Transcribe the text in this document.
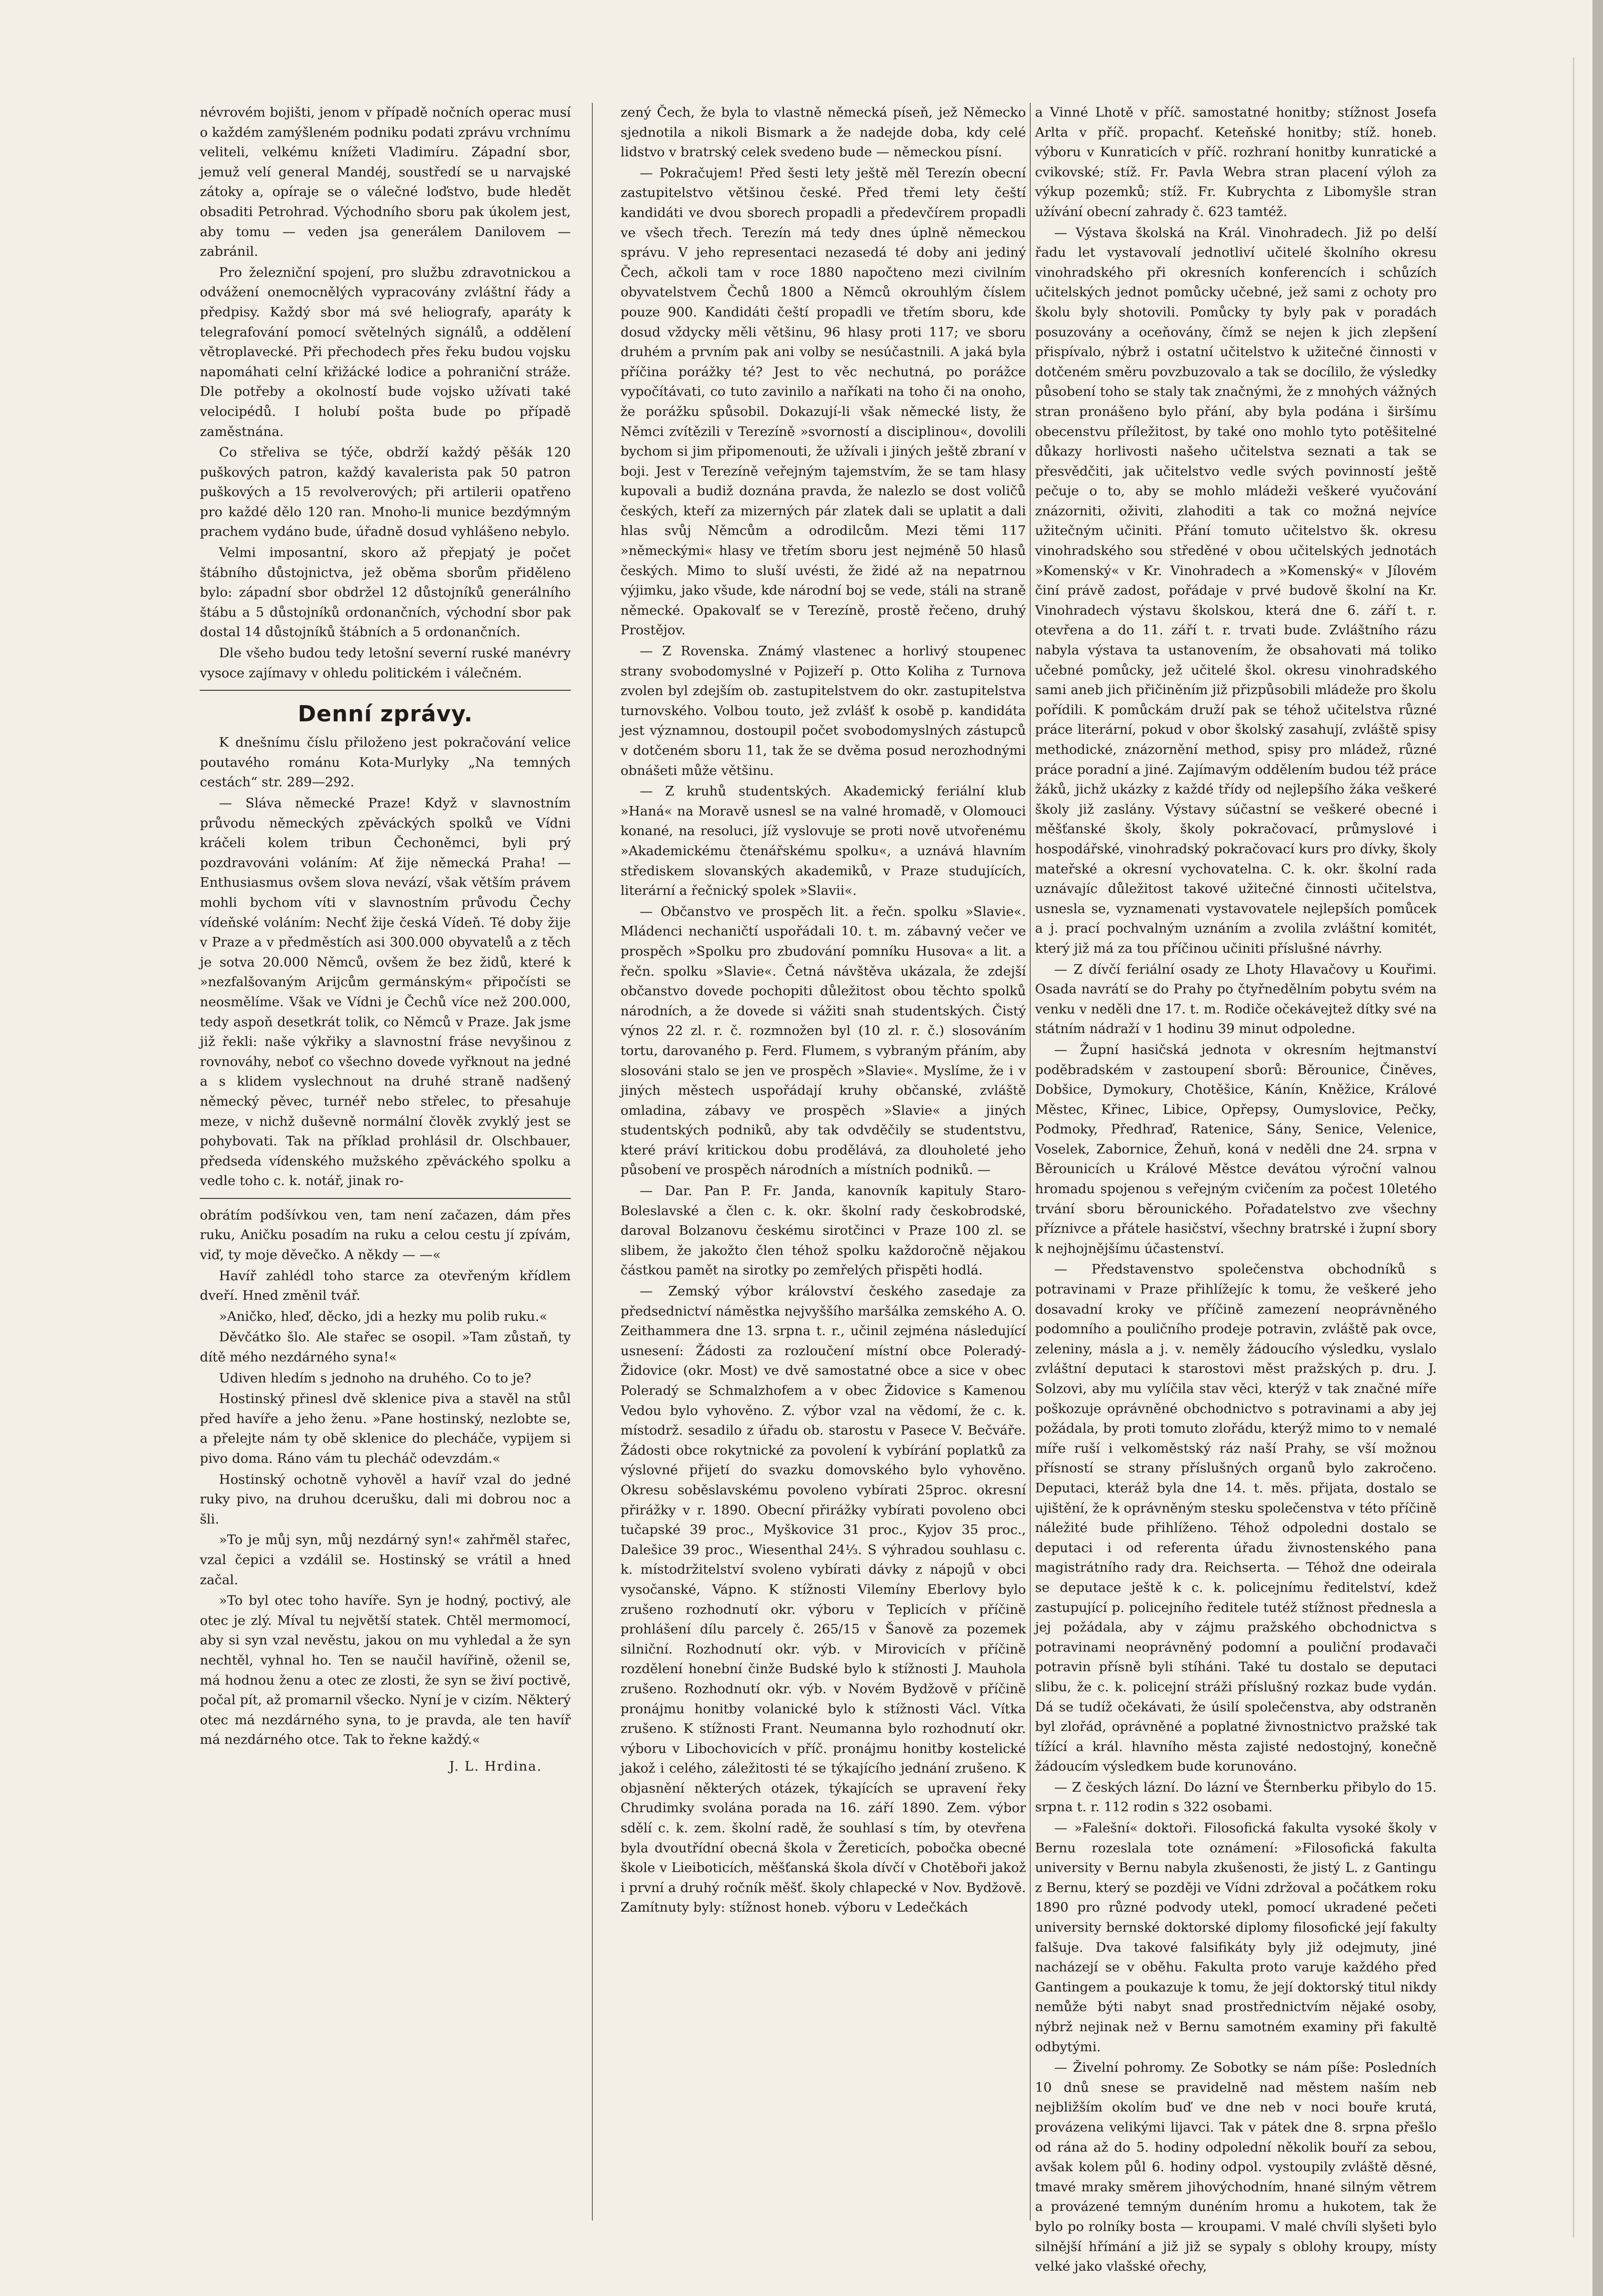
névrovém bojišti, jenom v případě nočních operac musí o každém zamýšleném podniku podati zprávu vrchnímu veliteli, velkému knížeti Vladimíru. Západní sbor, jemuž velí general Mandéj, soustředí se u narvajské zátoky a, opíraje se o válečné loďstvo, bude hledět obsaditi Petrohrad. Východního sboru pak úkolem jest, aby tomu — veden jsa generálem Danilovem — zabránil.

Pro železniční spojení, pro službu zdravotnickou a odvážení onemocnělých vypracovány zvláštní řády a předpisy. Každý sbor má své heliografy, aparáty k telegrafování pomocí světelných signálů, a oddělení větroplavecké. Při přechodech přes řeku budou vojsku napomáhati celní křižácké lodice a pohraniční stráže. Dle potřeby a okolností bude vojsko užívati také velocipédů. I holubí pošta bude po případě zaměstnána.

Co střeliva se týče, obdrží každý pěšák 120 puškových patron, každý kavalerista pak 50 patron puškových a 15 revolverových; při artilerii opatřeno pro každé dělo 120 ran. Mnoho-li munice bezdýmným prachem vydáno bude, úřadně dosud vyhlášeno nebylo.

Velmi imposantní, skoro až přepjatý je počet štábního důstojnictva, jež oběma sborům přiděleno bylo: západní sbor obdržel 12 důstojníků generálního štábu a 5 důstojníků ordonančních, východní sbor pak dostal 14 důstojníků štábních a 5 ordonančních.

Dle všeho budou tedy letošní severní ruské manévry vysoce zajímavy v ohledu politickém i válečném.

Denní zprávy.

K dnešnímu číslu přiloženo jest pokračování velice poutavého románu Kota-Murlyky „Na temných cestách“ str. 289—292.

— Sláva německé Praze! Když v slavnostním průvodu německých zpěváckých spolků ve Vídni kráčeli kolem tribun Čechoněmci, byli prý pozdravováni voláním: Ať žije německá Praha! — Enthusiasmus ovšem slova nevází, však větším právem mohli bychom víti v slavnostním průvodu Čechy vídeňské voláním: Nechť žije česká Vídeň. Té doby žije v Praze a v předměstích asi 300.000 obyvatelů a z těch je sotva 20.000 Němců, ovšem že bez židů, které k »nezfalšovaným Arijcům germánským« připočísti se neosmělíme. Však ve Vídni je Čechů více než 200.000, tedy aspoň desetkrát tolik, co Němců v Praze. Jak jsme již řekli: naše výkřiky a slavnostní fráse nevyšinou z rovnováhy, neboť co všechno dovede vyřknout na jedné a s klidem vyslechnout na druhé straně nadšený německý pěvec, turnéř nebo střelec, to přesahuje meze, v nichž duševně normální člověk zvyklý jest se pohybovati. Tak na příklad prohlásil dr. Olschbauer, předseda vídenského mužského zpěváckého spolku a vedle toho c. k. notář, jinak ro-

obrátím podšívkou ven, tam není začazen, dám přes ruku, Aničku posadím na ruku a celou cestu jí zpívám, viď, ty moje děvečko. A někdy — —«

Havíř zahlédl toho starce za otevřeným křídlem dveří. Hned změnil tvář.

»Aničko, hleď, děcko, jdi a hezky mu polib ruku.«

Děvčátko šlo. Ale stařec se osopil. »Tam zůstaň, ty dítě mého nezdárného syna!«

Udiven hledím s jednoho na druhého. Co to je?

Hostinský přinesl dvě sklenice piva a stavěl na stůl před havíře a jeho ženu. »Pane hostinský, nezlobte se, a přelejte nám ty obě sklenice do plecháče, vypijem si pivo doma. Ráno vám tu plecháč odevzdám.«

Hostinský ochotně vyhověl a havíř vzal do jedné ruky pivo, na druhou dcerušku, dali mi dobrou noc a šli.

»To je můj syn, můj nezdárný syn!« zahřměl stařec, vzal čepici a vzdálil se. Hostinský se vrátil a hned začal.

»To byl otec toho havíře. Syn je hodný, poctivý, ale otec je zlý. Míval tu největší statek. Chtěl mermomocí, aby si syn vzal nevěstu, jakou on mu vyhledal a že syn nechtěl, vyhnal ho. Ten se naučil havířině, oženil se, má hodnou ženu a otec ze zlosti, že syn se živí poctivě, počal pít, až promarnil všecko. Nyní je v cizím. Některý otec má nezdárného syna, to je pravda, ale ten havíř má nezdárného otce. Tak to řekne každý.«

J. L. Hrdina.

zený Čech, že byla to vlastně německá píseň, jež Německo sjednotila a nikoli Bismark a že nadejde doba, kdy celé lidstvo v bratrský celek svedeno bude — německou písní.

— Pokračujem! Před šesti lety ještě měl Terezín obecní zastupitelstvo většinou české. Před třemi lety čeští kandidáti ve dvou sborech propadli a předevčírem propadli ve všech třech. Terezín má tedy dnes úplně německou správu. V jeho representaci nezasedá té doby ani jediný Čech, ačkoli tam v roce 1880 napočteno mezi civilním obyvatelstvem Čechů 1800 a Němců okrouhlým číslem pouze 900. Kandidáti čeští propadli ve třetím sboru, kde dosud vždycky měli většinu, 96 hlasy proti 117; ve sboru druhém a prvním pak ani volby se nesúčastnili. A jaká byla příčina porážky té? Jest to věc nechutná, po porážce vypočítávati, co tuto zavinilo a naříkati na toho či na onoho, že porážku spůsobil. Dokazují-li však německé listy, že Němci zvítězili v Terezíně »svorností a disciplinou«, dovolili bychom si jim připomenouti, že užívali i jiných ještě zbraní v boji. Jest v Terezíně veřejným tajemstvím, že se tam hlasy kupovali a budiž doznána pravda, že nalezlo se dost voličů českých, kteří za mizerných pár zlatek dali se uplatit a dali hlas svůj Němcům a odrodilcům. Mezi těmi 117 »německými« hlasy ve třetím sboru jest nejméně 50 hlasů českých. Mimo to sluší uvésti, že židé až na nepatrnou výjimku, jako všude, kde národní boj se vede, stáli na straně německé. Opakovalť se v Terezíně, prostě řečeno, druhý Prostějov.

— Z Rovenska. Známý vlastenec a horlivý stoupenec strany svobodomyslné v Pojizeří p. Otto Koliha z Turnova zvolen byl zdejším ob. zastupitelstvem do okr. zastupitelstva turnovského. Volbou touto, jež zvlášť k osobě p. kandidáta jest významnou, dostoupil počet svobodomyslných zástupců v dotčeném sboru 11, tak že se dvěma posud nerozhodnými obnášeti může většinu.

— Z kruhů studentských. Akademický feriální klub »Haná« na Moravě usnesl se na valné hromadě, v Olomouci konané, na resoluci, jíž vyslovuje se proti nově utvořenému »Akademickému čtenářskému spolku«, a uznává hlavním střediskem slovanských akademiků, v Praze studujících, literární a řečnický spolek »Slavii«.

— Občanstvo ve prospěch lit. a řečn. spolku »Slavie«. Mládenci nechaničtí uspořádali 10. t. m. zábavný večer ve prospěch »Spolku pro zbudování pomníku Husova« a lit. a řečn. spolku »Slavie«. Četná návštěva ukázala, že zdejší občanstvo dovede pochopiti důležitost obou těchto spolků národních, a že dovede si vážiti snah studentských. Čistý výnos 22 zl. r. č. rozmnožen byl (10 zl. r. č.) slosováním tortu, darovaného p. Ferd. Flumem, s vybraným přáním, aby slosováni stalo se jen ve prospěch »Slavie«. Myslíme, že i v jiných městech uspořádají kruhy občanské, zvláště omladina, zábavy ve prospěch »Slavie« a jiných studentských podniků, aby tak odvděčily se studentstvu, které práví kritickou dobu prodělává, za dlouholeté jeho působení ve prospěch národních a místních podniků. —

— Dar. Pan P. Fr. Janda, kanovník kapituly Staro-Boleslavské a člen c. k. okr. školní rady českobrodské, daroval Bolzanovu českému sirotčinci v Praze 100 zl. se slibem, že jakožto člen téhož spolku každoročně nějakou částkou pamět na sirotky po zemřelých přispěti hodlá.

— Zemský výbor království českého zasedaje za předsednictví náměstka nejvyššího maršálka zemského A. O. Zeithammera dne 13. srpna t. r., učinil zejména následující usnesení: Žádosti za rozloučení místní obce Poleradý-Židovice (okr. Most) ve dvě samostatné obce a sice v obec Poleradý se Schmalzhofem a v obec Židovice s Kamenou Vedou bylo vyhověno. Z. výbor vzal na vědomí, že c. k. místodrž. sesadilo z úřadu ob. starostu v Pasece V. Bečváře. Žádosti obce rokytnické za povolení k vybírání poplatků za výslovné přijetí do svazku domovského bylo vyhověno. Okresu soběslavskému povoleno vybírati 25proc. okresní přirážky v r. 1890. Obecní přirážky vybírati povoleno obci tučapské 39 proc., Myškovice 31 proc., Kyjov 35 proc., Dalešice 39 proc., Wiesenthal 24⅓. S výhradou souhlasu c. k. místodržitelství svoleno vybírati dávky z nápojů v obci vysočanské, Vápno. K stížnosti Vilemíny Eberlovy bylo zrušeno rozhodnutí okr. výboru v Teplicích v příčině prohlášení dílu parcely č. 265/15 v Šanově za pozemek silniční. Rozhodnutí okr. výb. v Mirovicích v příčině rozdělení honební činže Budské bylo k stížnosti J. Mauhola zrušeno. Rozhodnutí okr. výb. v Novém Bydžově v příčině pronájmu honitby volanické bylo k stížnosti Václ. Vítka zrušeno. K stížnosti Frant. Neumanna bylo rozhodnutí okr. výboru v Libochovicích v příč. pronájmu honitby kostelické jakož i celého, záležitosti té se týkajícího jednání zrušeno. K objasnění některých otázek, týkajících se upravení řeky Chrudimky svolána porada na 16. září 1890. Zem. výbor sdělí c. k. zem. školní radě, že souhlasí s tím, by otevřena byla dvoutřídní obecná škola v Žereticích, pobočka obecné škole v Lieiboticích, měšťanská škola dívčí v Chotěboři jakož i první a druhý ročník měšť. školy chlapecké v Nov. Bydžově. Zamítnuty byly: stížnost honeb. výboru v Ledečkách

a Vinné Lhotě v příč. samostatné honitby; stížnost Josefa Arlta v příč. propachť. Keteňské honitby; stíž. honeb. výboru v Kunraticích v příč. rozhraní honitby kunratické a cvikovské; stíž. Fr. Pavla Webra stran placení výloh za výkup pozemků; stíž. Fr. Kubrychta z Libomyšle stran užívání obecní zahrady č. 623 tamtéž.

— Výstava školská na Král. Vinohradech. Již po delší řadu let vystavovalí jednotliví učitelé školního okresu vinohradského při okresních konferencích i schůzích učitelských jednot pomůcky učebné, jež sami z ochoty pro školu byly shotovili. Pomůcky ty byly pak v poradách posuzovány a oceňovány, čímž se nejen k jich zlepšení přispívalo, nýbrž i ostatní učitelstvo k užitečné činnosti v dotčeném směru povzbuzovalo a tak se docílilo, že výsledky působení toho se staly tak značnými, že z mnohých vážných stran pronášeno bylo přání, aby byla podána i širšímu obecenstvu příležitost, by také ono mohlo tyto potěšitelné důkazy horlivosti našeho učitelstva seznati a tak se přesvědčiti, jak učitelstvo vedle svých povinností ještě pečuje o to, aby se mohlo mládeži veškeré vyučování znázorniti, oživiti, zlahoditi a tak co možná nejvíce užitečným učiniti. Přání tomuto učitelstvo šk. okresu vinohradského sou středěné v obou učitelských jednotách »Komenský« v Kr. Vinohradech a »Komenský« v Jílovém činí právě zadost, pořádaje v prvé budově školní na Kr. Vinohradech výstavu školskou, která dne 6. září t. r. otevřena a do 11. září t. r. trvati bude. Zvláštního rázu nabyla výstava ta ustanovením, že obsahovati má toliko učebné pomůcky, jež učitelé škol. okresu vinohradského sami aneb jich přičiněním již přizpůsobili mládeže pro školu pořídili. K pomůckám druží pak se téhož učitelstva různé práce literární, pokud v obor školský zasahují, zvláště spisy methodické, znázornění method, spisy pro mládež, různé práce poradní a jiné. Zajímavým oddělením budou též práce žáků, jichž ukázky z každé třídy od nejlepšího žáka veškeré školy již zaslány. Výstavy súčastní se veškeré obecné i měšťanské školy, školy pokračovací, průmyslové i hospodářské, vinohradský pokračovací kurs pro dívky, školy mateřské a okresní vychovatelna. C. k. okr. školní rada uznávajíc důležitost takové užitečné činnosti učitelstva, usnesla se, vyznamenati vystavovatele nejlepších pomůcek a j. prací pochvalným uznáním a zvolila zvláštní komitét, který již má za tou příčinou učiniti příslušné návrhy.

— Z dívčí feriální osady ze Lhoty Hlavačovy u Kouřimi. Osada navrátí se do Prahy po čtyřnedělním pobytu svém na venku v neděli dne 17. t. m. Rodiče očekávejtež dítky své na státním nádraží v 1 hodinu 39 minut odpoledne.

— Župní hasičská jednota v okresním hejtmanství poděbradském v zastoupení sborů: Běrounice, Činěves, Dobšice, Dymokury, Chotěšice, Kánín, Kněžice, Králové Městec, Křinec, Libice, Opřepsy, Oumyslovice, Pečky, Podmoky, Předhraď, Ratenice, Sány, Senice, Velenice, Voselek, Zabornice, Žehuň, koná v neděli dne 24. srpna v Běrounicích u Králové Městce devátou výroční valnou hromadu spojenou s veřejným cvičením za počest 10letého trvání sboru běrounického. Pořadatelstvo zve všechny příznivce a přátele hasičství, všechny bratrské i župní sbory k nejhojnějšímu účastenství.

— Představenstvo společenstva obchodníků s potravinami v Praze přihlížejíc k tomu, že veškeré jeho dosavadní kroky ve příčině zamezení neoprávněného podomního a pouličního prodeje potravin, zvláště pak ovce, zeleniny, másla a j. v. neměly žádoucího výsledku, vyslalo zvláštní deputaci k starostovi měst pražských p. dru. J. Solzovi, aby mu vylíčila stav věci, kterýž v tak značné míře poškozuje oprávněné obchodnictvo s potravinami a aby jej požádala, by proti tomuto zlořádu, kterýž mimo to v nemalé míře ruší i velkoměstský ráz naší Prahy, se vší možnou přísností se strany příslušných organů bylo zakročeno. Deputaci, kteráž byla dne 14. t. měs. přijata, dostalo se ujištění, že k oprávněným stesku společenstva v této příčině náležité bude přihlíženo. Téhož odpoledni dostalo se deputaci i od referenta úřadu živnostenského pana magistrátního rady dra. Reichserta. — Téhož dne odeirala se deputace ještě k c. k. policejnímu ředitelství, kdež zastupující p. policejního ředitele tutéž stížnost přednesla a jej požádala, aby v zájmu pražského obchodnictva s potravinami neoprávněný podomní a pouliční prodavači potravin přísně byli stíháni. Také tu dostalo se deputaci slibu, že c. k. policejní stráži příslušný rozkaz bude vydán. Dá se tudíž očekávati, že úsilí společenstva, aby odstraněn byl zlořád, oprávněné a poplatné živnostnictvo pražské tak tížící a král. hlavního města zajisté nedostojný, konečně žádoucím výsledkem bude korunováno.

— Z českých lázní. Do lázní ve Šternberku přibylo do 15. srpna t. r. 112 rodin s 322 osobami.

— »Falešní« doktoři. Filosofická fakulta vysoké školy v Bernu rozeslala tote oznámení: »Filosofická fakulta university v Bernu nabyla zkušenosti, že jistý L. z Gantingu z Bernu, který se později ve Vídni zdržoval a počátkem roku 1890 pro různé podvody utekl, pomocí ukradené pečeti university bernské doktorské diplomy filosofické její fakulty falšuje. Dva takové falsifikáty byly již odejmuty, jiné nacházejí se v oběhu. Fakulta proto varuje každého před Gantingem a poukazuje k tomu, že její doktorský titul nikdy nemůže býti nabyt snad prostřednictvím nějaké osoby, nýbrž nejinak než v Bernu samotném examiny při fakultě odbytými.

— Živelní pohromy. Ze Sobotky se nám píše: Posledních 10 dnů snese se pravidelně nad městem naším neb nejbližším okolím buď ve dne neb v noci bouře krutá, provázena velikými lijavci. Tak v pátek dne 8. srpna přešlo od rána až do 5. hodiny odpolední několik bouří za sebou, avšak kolem půl 6. hodiny odpol. vystoupily zvláště děsné, tmavé mraky směrem jihovýchodním, hnané silným větrem a provázené temným dunéním hromu a hukotem, tak že bylo po rolníky bosta — kroupami. V malé chvíli slyšeti bylo silnější hřímání a již již se sypaly s oblohy kroupy, místy velké jako vlašské ořechy,
